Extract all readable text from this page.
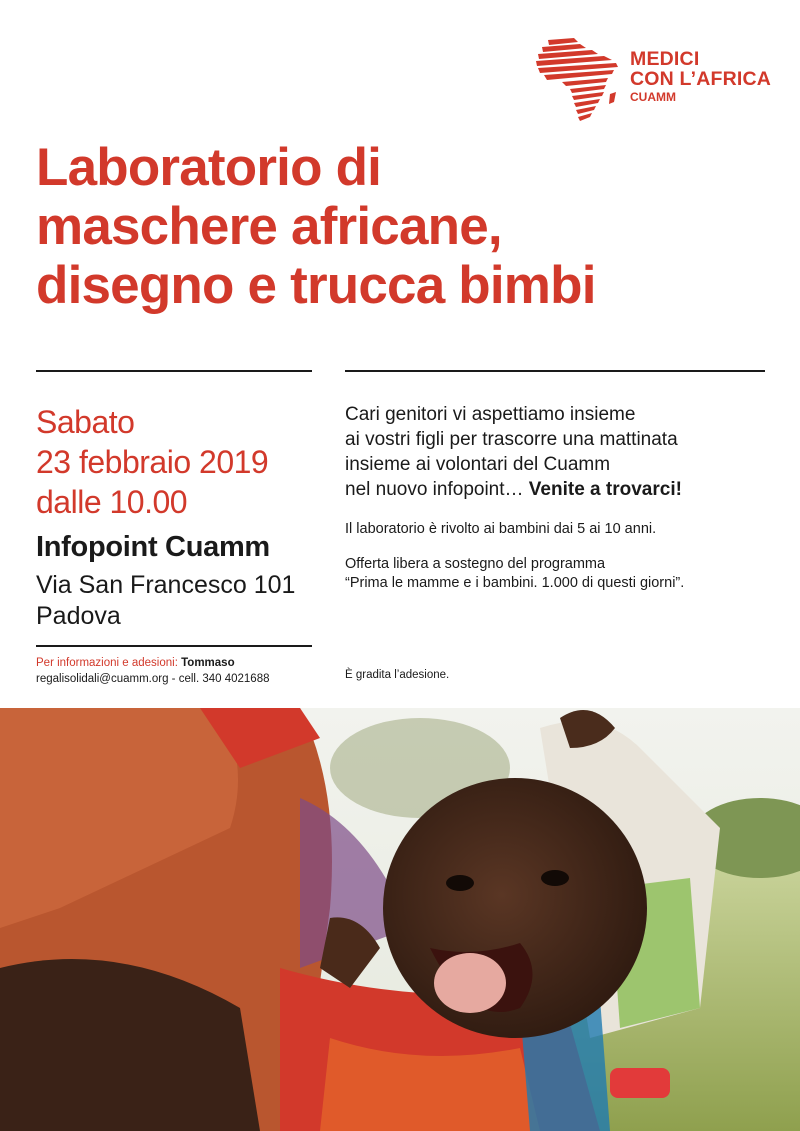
MEDICI
CON L’AFRICA
CUAMM
Laboratorio di
maschere africane,
disegno e trucca bimbi
Sabato
23 febbraio 2019
dalle 10.00
Infopoint Cuamm
Via San Francesco 101
Padova
Per informazioni e adesioni: Tommaso
regalisolidali@cuamm.org - cell. 340 4021688
Cari genitori vi aspettiamo insieme
ai vostri figli per trascorre una mattinata
insieme ai volontari del Cuamm
nel nuovo infopoint… Venite a trovarci!
Il laboratorio è rivolto ai bambini dai 5 ai 10 anni.
Offerta libera a sostegno del programma
“Prima le mamme e i bambini. 1.000 di questi giorni”.
È gradita l’adesione.
